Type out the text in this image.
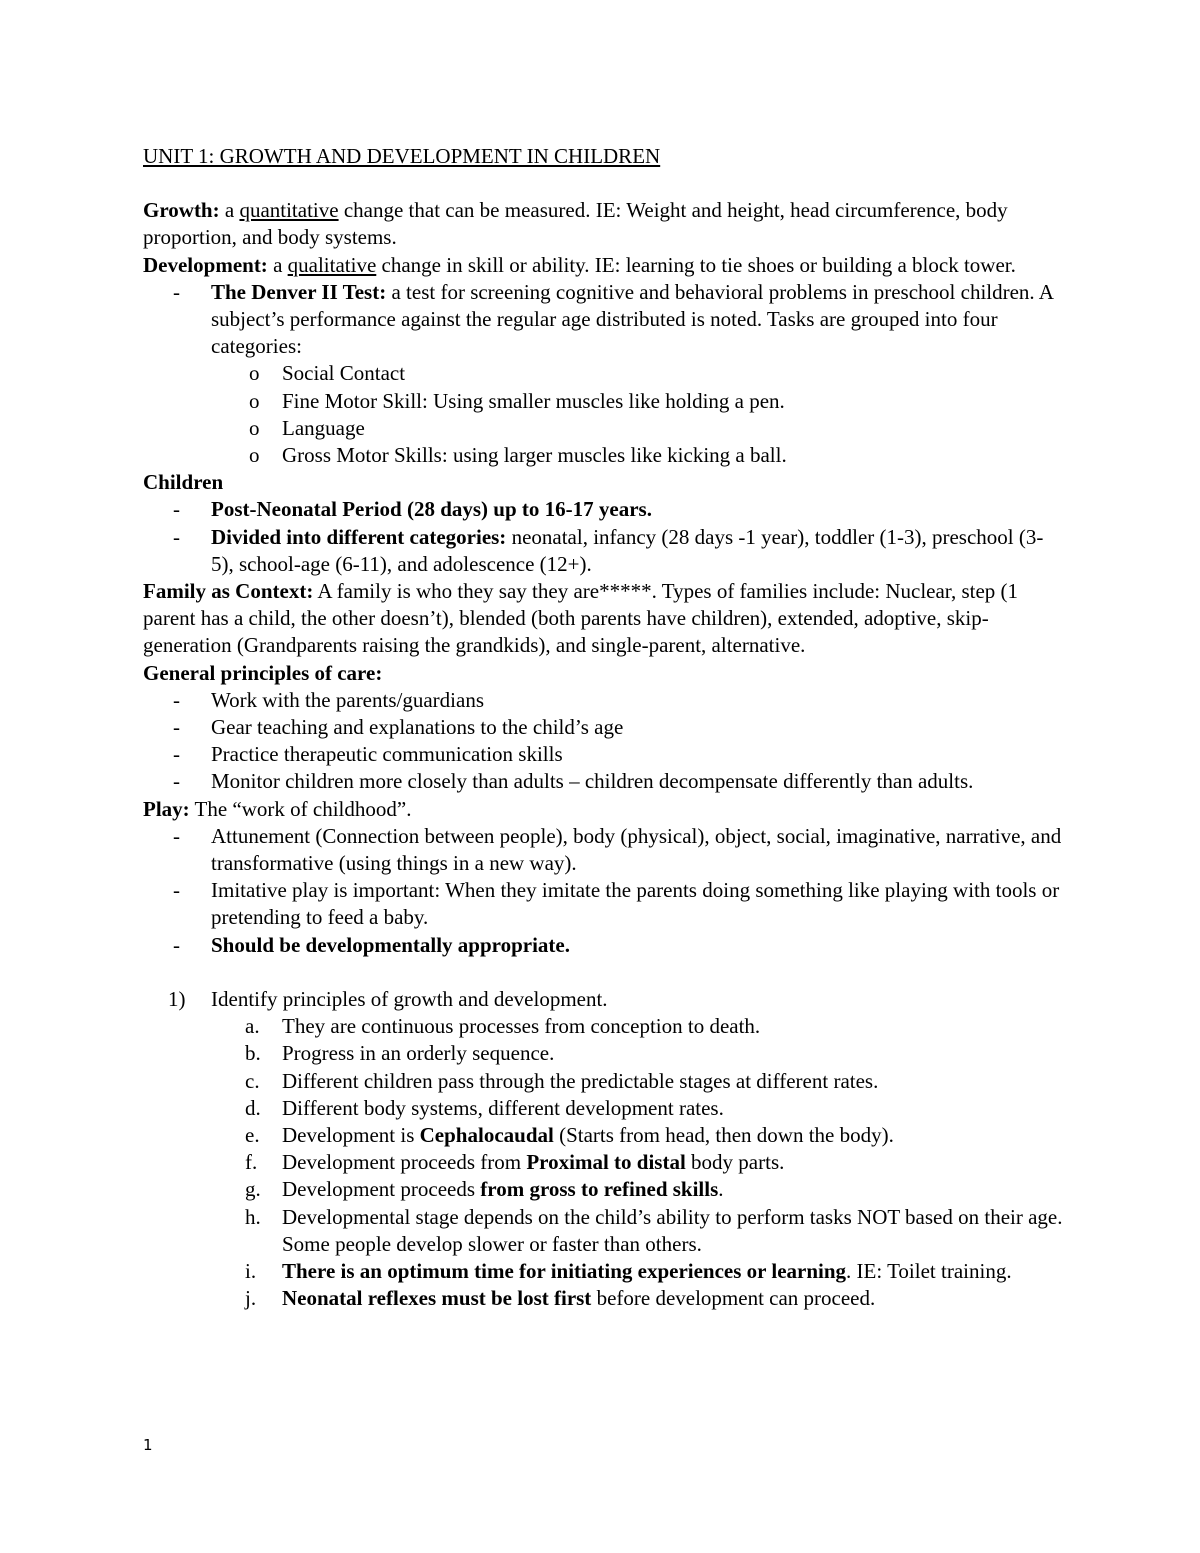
UNIT 1: GROWTH AND DEVELOPMENT IN CHILDREN

Growth: a quantitative change that can be measured. IE: Weight and height, head circumference, body proportion, and body systems.

Development: a qualitative change in skill or ability. IE: learning to tie shoes or building a block tower.

- The Denver II Test: a test for screening cognitive and behavioral problems in preschool children. A subject’s performance against the regular age distributed is noted. Tasks are grouped into four categories:
o Social Contact
o Fine Motor Skill: Using smaller muscles like holding a pen.
o Language
o Gross Motor Skills: using larger muscles like kicking a ball.

Children

- Post-Neonatal Period (28 days) up to 16-17 years.
- Divided into different categories: neonatal, infancy (28 days -1 year), toddler (1-3), preschool (3-5), school-age (6-11), and adolescence (12+).

Family as Context: A family is who they say they are*****. Types of families include: Nuclear, step (1 parent has a child, the other doesn’t), blended (both parents have children), extended, adoptive, skip-generation (Grandparents raising the grandkids), and single-parent, alternative.

General principles of care:

- Work with the parents/guardians
- Gear teaching and explanations to the child’s age
- Practice therapeutic communication skills
- Monitor children more closely than adults – children decompensate differently than adults.

Play: The “work of childhood”.

- Attunement (Connection between people), body (physical), object, social, imaginative, narrative, and transformative (using things in a new way).
- Imitative play is important: When they imitate the parents doing something like playing with tools or pretending to feed a baby.
- Should be developmentally appropriate.
1) Identify principles of growth and development.
a. They are continuous processes from conception to death.
b. Progress in an orderly sequence.
c. Different children pass through the predictable stages at different rates.
d. Different body systems, different development rates.
e. Development is Cephalocaudal (Starts from head, then down the body).
f. Development proceeds from Proximal to distal body parts.
g. Development proceeds from gross to refined skills.
h. Developmental stage depends on the child’s ability to perform tasks NOT based on their age. Some people develop slower or faster than others.
i. There is an optimum time for initiating experiences or learning. IE: Toilet training.
j. Neonatal reflexes must be lost first before development can proceed.
1
